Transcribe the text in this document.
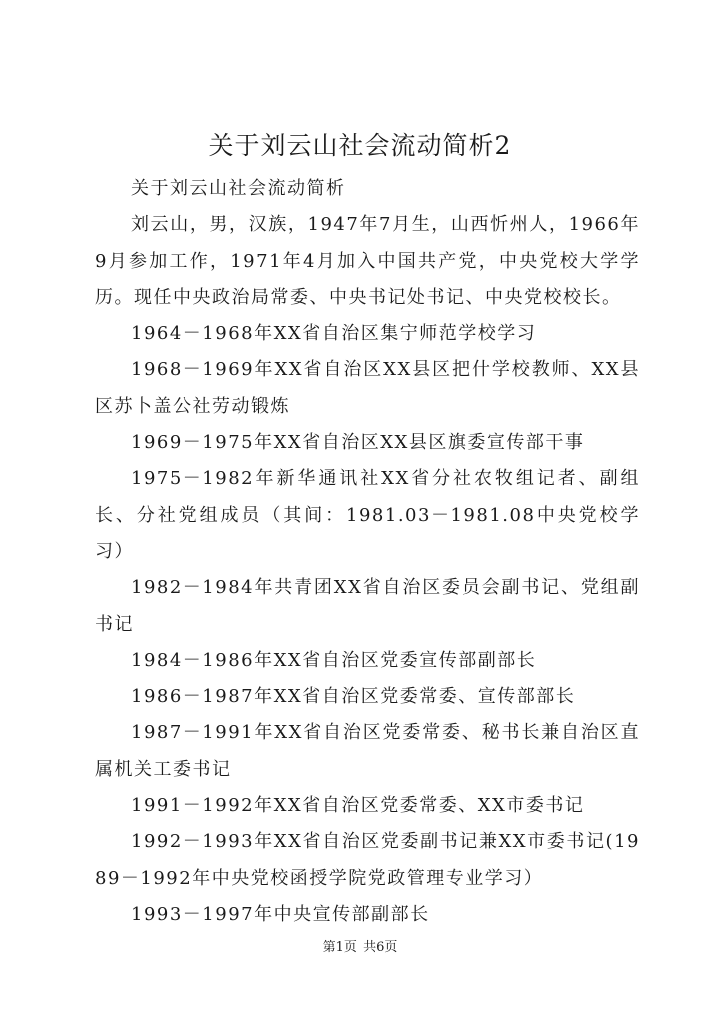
关于刘云山社会流动简析2

关于刘云山社会流动简析

刘云山，男，汉族，1947年7月生，山西忻州人，1966年9月参加工作，1971年4月加入中国共产党，中央党校大学学历。现任中央政治局常委、中央书记处书记、中央党校校长。

1964－1968年XX省自治区集宁师范学校学习

1968－1969年XX省自治区XX县区把什学校教师、XX县区苏卜盖公社劳动锻炼

1969－1975年XX省自治区XX县区旗委宣传部干事

1975－1982年新华通讯社XX省分社农牧组记者、副组长、分社党组成员（其间：1981.03－1981.08中央党校学习）

1982－1984年共青团XX省自治区委员会副书记、党组副书记

1984－1986年XX省自治区党委宣传部副部长

1986－1987年XX省自治区党委常委、宣传部部长

1987－1991年XX省自治区党委常委、秘书长兼自治区直属机关工委书记

1991－1992年XX省自治区党委常委、XX市委书记

1992－1993年XX省自治区党委副书记兼XX市委书记(1989－1992年中央党校函授学院党政管理专业学习）

1993－1997年中央宣传部副部长

第1页 共6页
